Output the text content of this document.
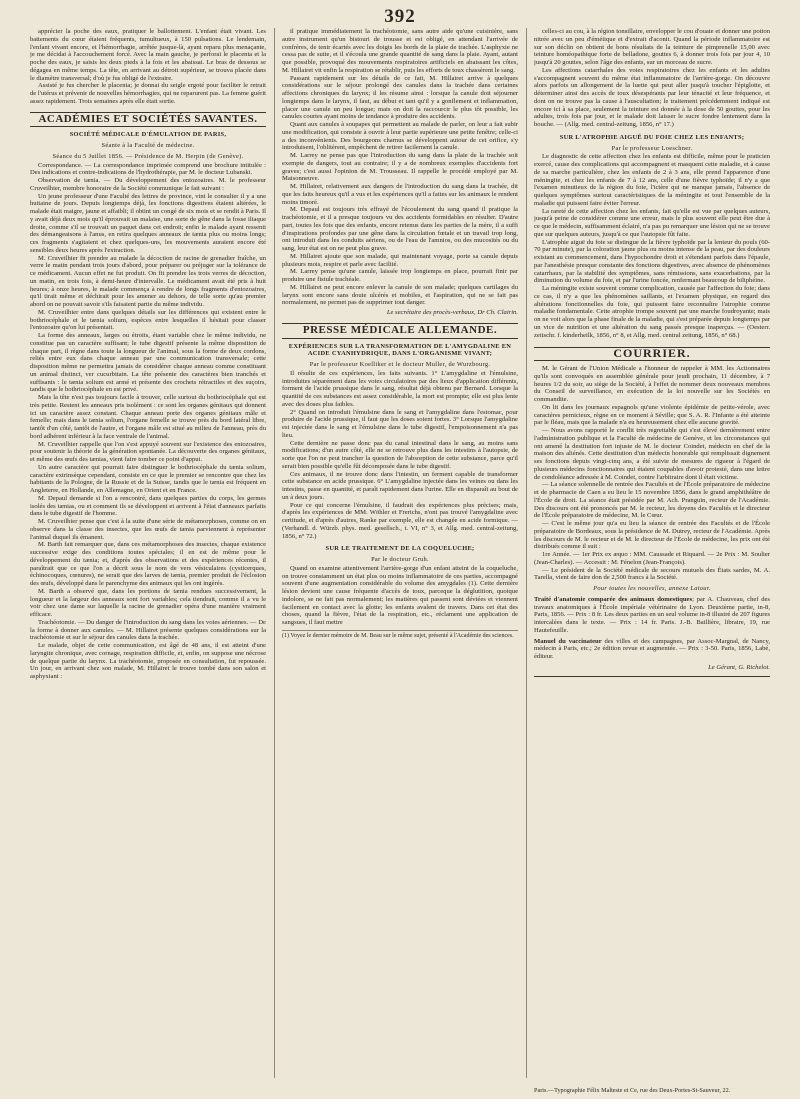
392

apprécier la poche des eaux, pratiquer le ballottement. L'enfant était vivant. Les battements du cœur étaient fréquents, tumultueux, à 150 pulsations. Le lendemain, l'enfant vivant encore, et l'hémorrhagie, arrêtée jusque-là, ayant reparu plus menaçante, je me décidai à l'accouchement forcé. Avec la main gauche, je perforai le placenta et la poche des eaux, je saisis les deux pieds à la fois et les abaissai. Le bras de dessous se dégagea en même temps. La tête, en arrivant au détroit supérieur, se trouva placée dans le diamètre transversal; d'où je fus obligé de l'extraire.

Assisté je fus chercher le placenta; je donnai du seigle ergoté pour faciliter le retrait de l'utérus et prévenir de nouvelles hémorrhagies, qui ne reparurent pas. La femme guérit assez rapidement. Trois semaines après elle était sortie.

ACADÉMIES ET SOCIÉTÉS SAVANTES.
SOCIÉTÉ MÉDICALE D'ÉMULATION DE PARIS,
Séante à la Faculté de médecine.
Séance du 5 Juillet 1856. — Présidence de M. Herpin (de Genève).

Correspondance. — La correspondance imprimée comprend une brochure intitulée : Des indications et contre-indications de l'hydrothérapie, par M. le docteur Lubanski.

Observation de tænia. — Du développement des entozoaires. M. le professeur Cruveilhier, membre honoraire de la Société communique le fait suivant :

Un jeune professeur d'une Faculté des lettres de province, vint le consulter il y a une huitaine de jours. Depuis longtemps déjà, les fonctions digestives étaient altérées, le malade était maigre, jaune et affaibli; il obtint un congé de six mois et se rendit à Paris. Il y avait déjà deux mois qu'il éprouvait un malaise, une sorte de gêne dans la fosse iliaque droite, comme s'il se trouvait un paquet dans cet endroit; enfin le malade ayant ressenti des démangeaisons à l'anus, en retira quelques anneaux de tænia plus ou moins longs; ces fragments s'agitaient et chez quelques-uns, les mouvements auraient encore été sensibles deux heures après l'extraction.

M. Cruveilhier fit prendre au malade la décoction de racine de grenadier fraîche, un verre le matin pendant trois jours d'abord, pour préparer ou préjuger sur la tolérance de ce médicament. Aucun effet ne fut produit. On fit prendre les trois verres de décoction, un matin, en trois fois, à demi-heure d'intervalle. Le médicament avait été pris à huit heures; à onze heures, le malade commença à rendre de longs fragments d'entozoaires, qu'il tirait même et déchirait pour les amener au dehors, de telle sorte qu'au premier abord on ne pouvait savoir s'ils faisaient partie du même individu.

M. Cruveilhier entre dans quelques détails sur les différences qui existent entre le bothriocéphale et le tænia solium, espèces entre lesquelles il hésitait pour classer l'entozoaire qu'on lui présentait.

La forme des anneaux, larges ou étroits, étant variable chez le même individu, ne constitue pas un caractère suffisant; le tube digestif présente la même disposition de chaque part, il règne dans toute la longueur de l'animal, sous la forme de deux cordons, reliés entre eux dans chaque anneau par une communication transversale; cette disposition même ne permettra jamais de considérer chaque anneau comme constituant un animal distinct, ver cucurbitain. La tête présente des caractères bien tranchés et suffisants : le tænia solium est armé et présente des crochets rétractiles et des suçoirs, tandis que le bothriocéphale en est privé.

Mais la tête n'est pas toujours facile à trouver, celle surtout du bothriocéphale qui est très petite. Restent les anneaux pris isolément : ce sont les organes génitaux qui donnent ici un caractère assez constant. Chaque anneau porte des organes génitaux mâle et femelle; mais dans le tænia solium, l'organe femelle se trouve près du bord latéral libre, tantôt d'un côté, tantôt de l'autre, et l'organe mâle est situé au milieu de l'anneau, près du bord adhérent inférieur à la face ventrale de l'animal.

M. Cruveilhier rappelle que l'on s'est appuyé souvent sur l'existence des entozoaires, pour soutenir la théorie de la génération spontanée. La découverte des organes génitaux, et même des œufs des tænias, vient faire tomber ce point d'appui.

Un autre caractère qui pourrait faire distinguer le bothriocéphale du tænia solium, caractère extrinsèque cependant, consiste en ce que le premier se rencontre que chez les habitants de la Pologne, de la Russie et de la Suisse, tandis que le tænia est fréquent en Angleterre, en Hollande, en Allemagne, en Orient et en France.

M. Depaul demande si l'on a rencontré, dans quelques parties du corps, les germes isolés des tænias, ou et comment ils se développent et arrivent à l'état d'anneaux parfaits dans le tube digestif de l'homme.

M. Cruveilhier pense que c'est à la suite d'une série de métamorphoses, comme on en observe dans la classe des insectes, que les œufs de tænia parviennent à représenter l'animal duquel ils émanent.

M. Barth fait remarquer que, dans ces métamorphoses des insectes, chaque existence successive exige des conditions toutes spéciales; il en est de même pour le développement du tænia; et, d'après des observations et des expériences récentes, il paraîtrait que ce que l'on a décrit sous le nom de vers vésiculaires (cysticerques, échinocoques, cœnures), ne serait que des larves de tænia, premier produit de l'éclosion des œufs, développé dans le parenchyme des animaux qui les ont ingérés.

M. Barth a observé que, dans les portions de tænia rendues successivement, la longueur et la largeur des anneaux sont fort variables; cela tiendrait, comme il a vu le voir chez une dame sur laquelle la racine de grenadier opéra d'une manière vraiment efficace.

Trachéotomie. — Du danger de l'introduction du sang dans les voies aériennes. — De la forme à donner aux canules. — M. Hillairet présente quelques considérations sur la trachéotomie et sur le séjour des canules dans la trachée.

Le malade, objet de cette communication, est âgé de 48 ans, il est atteint d'une laryngite chronique, avec cornage, respiration difficile, et, enfin, on suppose une nécrose de quelque partie du larynx. La trachéotomie, proposée en consultation, fut repoussée. Un jour, en arrivant chez son malade, M. Hillairet le trouve tombé dans son salon et asphyxiant :

il pratique immédiatement la trachéotomie, sans autre aide qu'une cuisinière, sans autre instrument qu'un bistouri de trousse et est obligé, en attendant l'arrivée de confrères, de tenir écartés avec les doigts les bords de la plaie de trachée. L'asphyxie ne cessa pas de suite, et il s'écoula une grande quantité de sang dans la plaie. Ayant, autant que possible, provoqué des mouvements respiratoires artificiels en abaissant les côtes, M. Hillairet vit enfin la respiration se rétablir, puis les efforts de toux chassèrent le sang.

Passant rapidement sur les détails de ce fait, M. Hillairet arrive à quelques considérations sur le séjour prolongé des canules dans la trachée dans certaines affections chroniques du larynx; il les résume ainsi : lorsque la canule doit séjourner longtemps dans le larynx, il faut, au début et tant qu'il y a gonflement et inflammation, placer une canule un peu longue; mais on doit la raccourcir le plus tôt possible, les canules courtes ayant moins de tendance à produire des accidents.

Quant aux canules à soupapes qui permettent au malade de parler, on leur a fait subir une modification, qui consiste à ouvrir à leur partie supérieure une petite fenêtre; celle-ci a des inconvénients. Des bourgeons charnus se développent autour de cet orifice, s'y introduisent, l'oblitèrent, empêchent de retirer facilement la canule.

M. Larrey ne pense pas que l'introduction du sang dans la plaie de la trachée soit exempte de dangers, tout au contraire; il y a de nombreux exemples d'accidents fort graves; c'est aussi l'opinion de M. Trousseau. Il rappelle le procédé employé par M. Maisonneuve.

M. Hillairet, relativement aux dangers de l'introduction du sang dans la trachée, dit que les faits heureux qu'il a vus et les expériences qu'il a faites sur les animaux le rendent moins timoré.

M. Depaul est toujours très effrayé de l'écoulement du sang quand il pratique la trachéotomie, et il a presque toujours vu des accidents formidables en résulter. D'autre part, toutes les fois que des enfants, encore retenus dans les parties de la mère, il a suffi d'inspirations profondes par une gêne dans la circulation fœtale et un travail trop long, ont introduit dans les conduits aériens, ou de l'eau de l'amnios, ou des mucosités ou du sang, leur état est on ne peut plus grave.

M. Hillairet ajoute que son malade, qui maintenant voyage, porte sa canule depuis plusieurs mois, respire et parle avec facilité.

M. Larrey pense qu'une canule, laissée trop longtemps en place, pourrait finir par produire une fistule trachéale.

M. Hillairet ne peut encore enlever la canule de son malade; quelques cartilages du larynx sont encore sans doute ulcérés et mobiles, et l'aspiration, qui ne se fait pas normalement, ne permet pas de supprimer tout danger.

Le secrétaire des procès-verbaux, Dr Ch. Clairin.
PRESSE MÉDICALE ALLEMANDE.
EXPÉRIENCES SUR LA TRANSFORMATION DE L'AMYGDALINE EN ACIDE CYANHYDRIQUE, DANS L'ORGANISME VIVANT;
Par le professeur Koelliker et le docteur Muller, de Wurzbourg.

Il résulte de ces expériences, les faits suivants. 1° L'amygdaline et l'émulsine, introduites séparément dans les voies circulatoires par des lieux d'application différents, forment de l'acide prussique dans le sang, résultat déjà obtenu par Bernard. Lorsque la quantité de ces substances est assez considérable, la mort est prompte; elle est plus lente avec des doses plus faibles.

2° Quand on introduit l'émulsine dans le sang et l'amygdaline dans l'estomac, pour produire de l'acide prussique, il faut que les doses soient fortes. 3° Lorsque l'amygdaline est injectée dans le sang et l'émulsine dans le tube digestif, l'empoisonnement n'a pas lieu.

Cette dernière ne passe donc pas du canal intestinal dans le sang, au moins sans modifications; d'un autre côté, elle ne se retrouve plus dans les intestins à l'autopsie, de sorte que l'on ne peut trancher la question de l'absorption de cette substance, parce qu'il serait bien possible qu'elle fût décomposée dans le tube digestif.

Ces animaux, il ne trouve donc dans l'intestin, un ferment capable de transformer cette substance en acide prussique. 6° L'amygdaline injectée dans les veines ou dans les intestins, passe en quantité, et paraît rapidement dans l'urine. Elle en disparaît au bout de un à deux jours.

Pour ce qui concerne l'émulsine, il faudrait des expériences plus précises; mais, d'après les expériences de MM. Wöhler et Frerichs, n'ont pas trouvé l'amygdaline avec certitude, et d'après d'autres, Ranke par exemple, elle est changée en acide formique. — (Verhandl. d. Würzb. phys. med. gesellsch., t. VI, n° 3, et Allg. med. central-zeitung, 1856, n° 72.)

SUR LE TRAITEMENT DE LA COQUELUCHE;
Par le docteur Gruh.

Quand on examine attentivement l'arrière-gorge d'un enfant atteint de la coqueluche, on trouve constamment un état plus ou moins inflammatoire de ces parties, accompagné souvent d'une augmentation considérable du volume des amygdales (1). Cette dernière lésion devient une cause fréquente d'accès de toux, parceque la déglutition, quoique indolore, se ne fait pas normalement; les matières qui passent sont déviées et viennent facilement en contact avec la glotte; les enfants avalent de travers. Dans cet état des choses, quand la fièvre, l'état de la respiration, etc., réclament une application de sangsues, il faut mettre

(1) Voyez le dernier mémoire de M. Beau sur le même sujet, présenté à l'Académie des sciences.

celles-ci au cou, à la région tonsillaire, envelopper le cou d'ouate et donner une potion nitrée avec un peu d'émétique et d'extrait d'aconit. Quand la période inflammatoire est sur son déclin on obtient de bons résultats de la teinture de pimprenelle 15,00 avec teinture homéopathique forte de belladone, gouttes 6, à donner trois fois par jour 4, 10 jusqu'à 20 gouttes, selon l'âge des enfants, sur un morceau de sucre.

Les affections catarrhales des voies respiratoires chez les enfants et les adultes s'accompagnent souvent du même état inflammatoire de l'arrière-gorge. On découvre alors parfois un allongement de la luette qui peut aller jusqu'à toucher l'épiglotte, et déterminer ainsi des accès de toux désespérants par leur ténacité et leur fréquence, et dont on ne trouve pas la cause à l'auscultation; le traitement précédemment indiqué est encore ici à sa place, seulement la teinture est donnée à la dose de 50 gouttes, pour les adultes, trois fois par jour, et le malade doit laisser le sucre fondre lentement dans la bouche. — (Allg. med. central-zeitung, 1856, n° 17.)

SUR L'ATROPHIE AIGUË DU FOIE CHEZ LES ENFANTS;
Par le professeur Loeschner.

Le diagnostic de cette affection chez les enfants est difficile, même pour le praticien exercé, cause des complications qui accompagnent et masquent cette maladie, et à cause de sa marche particulière, chez les enfants de 2 à 3 ans, elle prend l'apparence d'une méningite, et chez les enfants de 7 à 12 ans, celle d'une fièvre typhoïde; il n'y a que l'examen minutieux de la région du foie, l'ictère qui ne manque jamais, l'absence de quelques symptômes surtout caractéristiques de la méningite et tout l'ensemble de la maladie qui puissent faire éviter l'erreur.

La rareté de cette affection chez les enfants, fait qu'elle est vue par quelques auteurs, jusqu'à peine de considérer comme une erreur, mais le plus souvent elle peut être due à ce que le médecin, suffisamment éclairé, n'a pas pu remarquer une lésion qui ne se trouve que sur quelques auteurs, jusqu'à ce que l'autopsie fût faite.

L'atrophie aiguë du foie se distingue de la fièvre typhoïde par la lenteur du pouls (60-70 par minute), par la coloration jaune plus ou moins intense de la peau, par des douleurs existant au commencement, dans l'hypochondre droit et s'étendant parfois dans l'épaule, par l'anesthésie presque constante des fonctions digestives, avec absence de phénomènes catarrhaux, par la stabilité des symptômes, sans rémissions, sans exacerbations, par la diminution du volume du foie, et par l'urine foncée, renfermant beaucoup de biliphéine.

La méningite existe souvent comme complication, causée par l'affection du foie; dans ce cas, il n'y a que les phénomènes saillants, et l'examen physique, en regard des altérations fonctionnelles du foie, qui puissent faire reconnaître l'atrophie comme maladie fondamentale. Cette atrophie trompe souvent par une marche foudroyante; mais on ne voit alors que la phase finale de la maladie, qui s'est préparée depuis longtemps par un vice de nutrition et une altération du sang passés presque inaperçus. — (Oesterr. zeitschr. f. kinderheilk, 1856, n° 8, et Allg. med. central zeitung, 1856, n° 68.)

COURRIER.

M. le Gérant de l'Union Médicale a l'honneur de rappeler à MM. les Actionnaires qu'ils sont convoqués en assemblée générale pour jeudi prochain, 11 décembre, à 7 heures 1/2 du soir, au siège de la Société, à l'effet de nommer deux nouveaux membres du Conseil de surveillance, en exécution de la loi nouvelle sur les Sociétés en commandite.

On lit dans les journaux espagnols qu'une violente épidémie de petite-vérole, avec caractères pernicieux, règne en ce moment à Séville; que S. A. R. l'Infante a été atteinte par le fléau, mais que la malade n'a eu heureusement chez elle aucune gravité.

— Nous avons rapporté le conflit très regrettable qui s'est élevé dernièrement entre l'administration publique et la Faculté de médecine de Genève, et les circonstances qui ont amené la destitution fort injuste de M. le docteur Coindet, médecin en chef de la maison des aliénés. Cette destitution d'un médecin honorable qui remplissait dignement ses fonctions depuis vingt-cinq ans, a été suivie de mesures de rigueur à l'égard de plusieurs médecins fonctionnaires qui étaient coupables d'avoir protesté, dans une lettre de condoléance adressée à M. Coindet, contre l'arbitraire dont il était victime.

— La séance solennelle de rentrée des Facultés et de l'École préparatoire de médecine et de pharmacie de Caen a eu lieu le 15 novembre 1856, dans le grand amphithéâtre de l'École de droit. La séance était présidée par M. Ach. Pranguin, recteur de l'Académie. Des discours ont été prononcés par M. le recteur, les doyens des Facultés et le directeur de l'École préparatoire de médecine, M. le Cœur.

— C'est le même jour qu'a eu lieu la séance de rentrée des Facultés et de l'École préparatoire de Bordeaux, sous la présidence de M. Dutrey, recteur de l'Académie. Après les discours de M. le recteur et de M. le directeur de l'École de médecine, les prix ont été distribués comme il suit :

1re Année. — 1er Prix ex æquo : MM. Caussade et Riquard. — 2e Prix : M. Soulier (Jean-Charles). — Accessit : M. Fénelon (Jean-François).

— Le président de la Société médicale de secours mutuels des États sardes, M. A. Tarella, vient de faire don de 2,500 francs à la Société.

Pour toutes les nouvelles, annexe Latour.

Traité d'anatomie comparée des animaux domestiques; par A. Chauveau, chef des travaux anatomiques à l'École impériale vétérinaire de Lyon. Deuxième partie, in-8, Paris, 1856. — Prix : 8 fr. Les deux parties en un seul volume in-8 illustré de 207 figures intercalées dans le texte. — Prix : 14 fr. Paris. J.-B. Baillière, libraire, 19, rue Hautefeuille.

Manuel du vaccinateur des villes et des campagnes, par Assoc-Margnal, de Nancy, médecin à Paris, etc.; 2e édition revue et augmentée. — Prix : 3-50. Paris, 1856, Labé, éditeur.

Le Gérant, G. Richelot.
Paris.—Typographie Félix Malteste et Ce, rue des Deux-Portes-St-Sauveur, 22.
